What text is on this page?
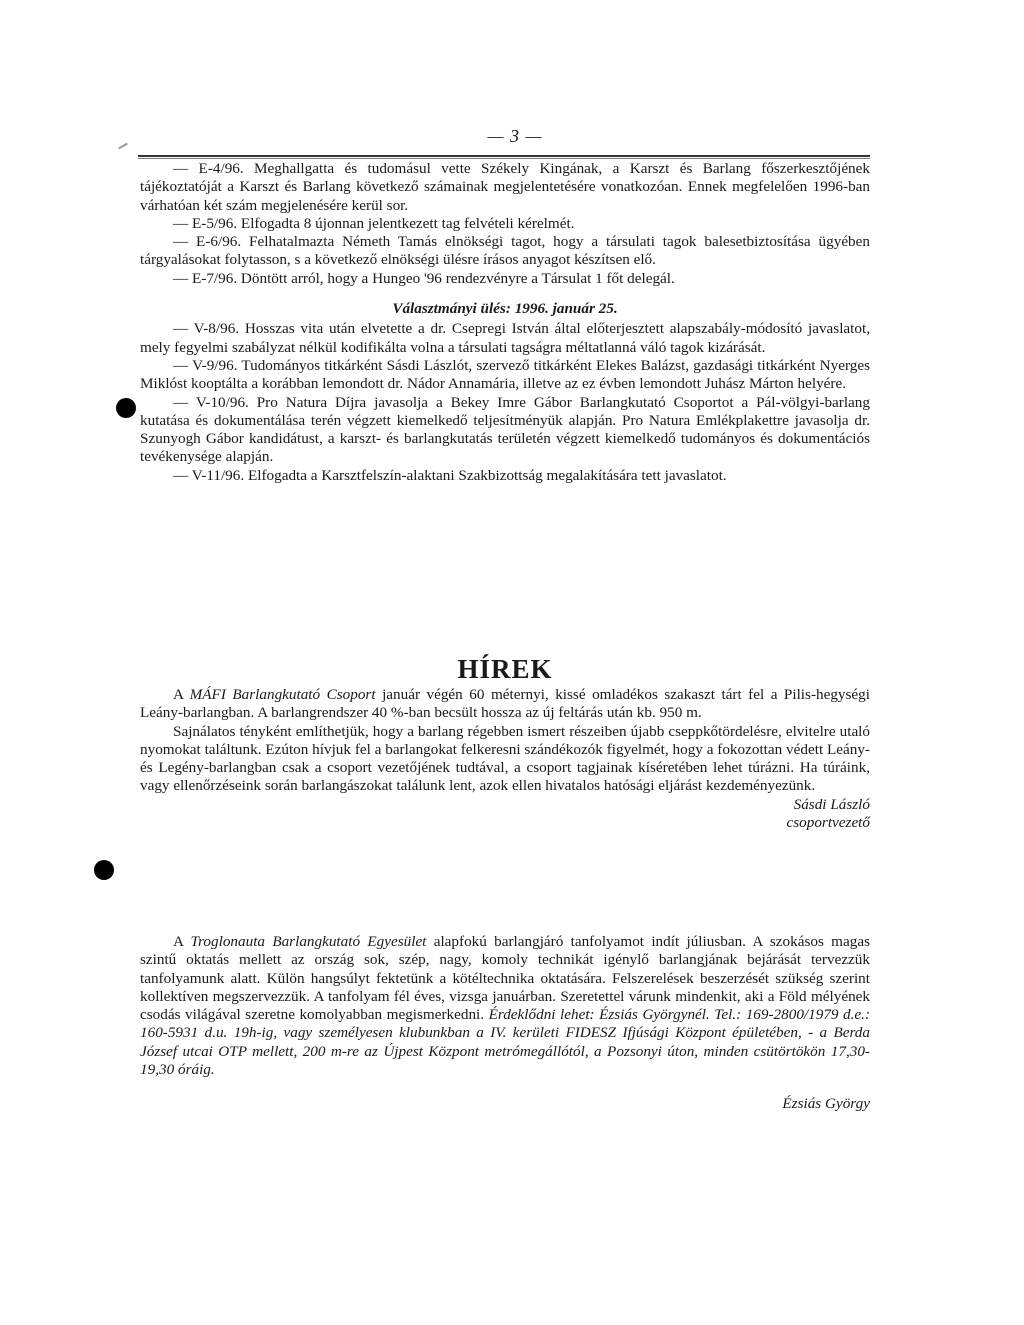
— 3 —

— E-4/96. Meghallgatta és tudomásul vette Székely Kingának, a Karszt és Barlang főszerkesztőjének tájékoztatóját a Karszt és Barlang következő számainak megjelentetésére vonatkozóan. Ennek megfelelően 1996-ban várhatóan két szám megjelenésére kerül sor.

— E-5/96. Elfogadta 8 újonnan jelentkezett tag felvételi kérelmét.

— E-6/96. Felhatalmazta Németh Tamás elnökségi tagot, hogy a társulati tagok balesetbiztosítása ügyében tárgyalásokat folytasson, s a következő elnökségi ülésre írásos anyagot készítsen elő.

— E-7/96. Döntött arról, hogy a Hungeo '96 rendezvényre a Társulat 1 főt delegál.

Választmányi ülés: 1996. január 25.

— V-8/96. Hosszas vita után elvetette a dr. Csepregi István által előterjesztett alapszabály-módosító javaslatot, mely fegyelmi szabályzat nélkül kodifikálta volna a társulati tagságra méltatlanná váló tagok kizárását.

— V-9/96. Tudományos titkárként Sásdi Lászlót, szervező titkárként Elekes Balázst, gazdasági titkárként Nyerges Miklóst kooptálta a korábban lemondott dr. Nádor Annamária, illetve az ez évben lemondott Juhász Márton helyére.

— V-10/96. Pro Natura Díjra javasolja a Bekey Imre Gábor Barlangkutató Csoportot a Pál-völgyi-barlang kutatása és dokumentálása terén végzett kiemelkedő teljesítményük alapján. Pro Natura Emlékplakettre javasolja dr. Szunyogh Gábor kandidátust, a karszt- és barlangkutatás területén végzett kiemelkedő tudományos és dokumentációs tevékenysége alapján.

— V-11/96. Elfogadta a Karsztfelszín-alaktani Szakbizottság megalakítására tett javaslatot.

HÍREK

A MÁFI Barlangkutató Csoport január végén 60 méternyi, kissé omladékos szakaszt tárt fel a Pilis-hegységi Leány-barlangban. A barlangrendszer 40 %-ban becsült hossza az új feltárás után kb. 950 m.

Sajnálatos tényként említhetjük, hogy a barlang régebben ismert részeiben újabb cseppkőtördelésre, elvitelre utaló nyomokat találtunk. Ezúton hívjuk fel a barlangokat felkeresni szándékozók figyelmét, hogy a fokozottan védett Leány- és Legény-barlangban csak a csoport vezetőjének tudtával, a csoport tagjainak kíséretében lehet túrázni. Ha túráink, vagy ellenőrzéseink során barlangászokat találunk lent, azok ellen hivatalos hatósági eljárást kezdeményezünk.

Sásdi László

csoportvezető

A Troglonauta Barlangkutató Egyesület alapfokú barlangjáró tanfolyamot indít júliusban. A szokásos magas szintű oktatás mellett az ország sok, szép, nagy, komoly technikát igénylő barlangjának bejárását tervezzük tanfolyamunk alatt. Külön hangsúlyt fektetünk a kötéltechnika oktatására. Felszerelések beszerzését szükség szerint kollektíven megszervezzük. A tanfolyam fél éves, vizsga januárban. Szeretettel várunk mindenkit, aki a Föld mélyének csodás világával szeretne komolyabban megismerkedni. Érdeklődni lehet: Ézsiás Györgynél. Tel.: 169-2800/1979 d.e.: 160-5931 d.u. 19h-ig, vagy személyesen klubunkban a IV. kerületi FIDESZ Ifjúsági Központ épületében, - a Berda József utcai OTP mellett, 200 m-re az Újpest Központ metrómegállótól, a Pozsonyi úton, minden csütörtökön 17,30-19,30 óráig.

Ézsiás György
